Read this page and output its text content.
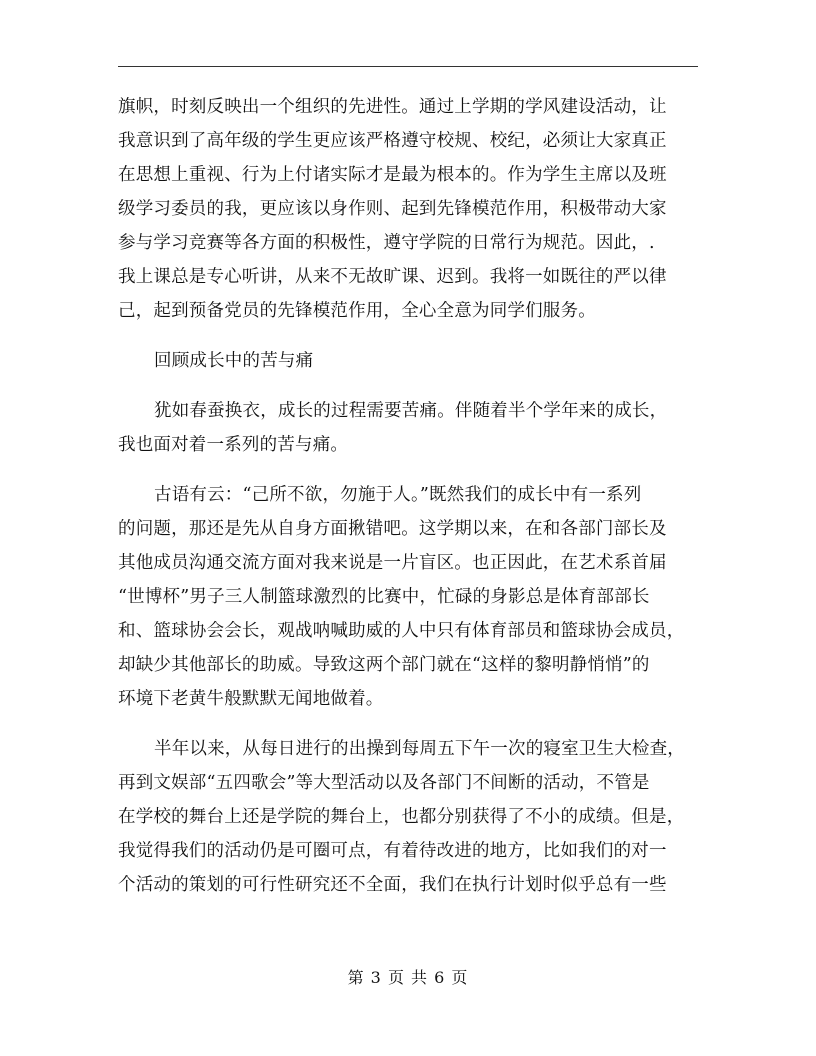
旗帜，时刻反映出一个组织的先进性。通过上学期的学风建设活动，让
我意识到了高年级的学生更应该严格遵守校规、校纪，必须让大家真正
在思想上重视、行为上付诸实际才是最为根本的。作为学生主席以及班
级学习委员的我，更应该以身作则、起到先锋模范作用，积极带动大家
参与学习竞赛等各方面的积极性，遵守学院的日常行为规范。因此，.
我上课总是专心听讲，从来不无故旷课、迟到。我将一如既往的严以律
己，起到预备党员的先锋模范作用，全心全意为同学们服务。
回顾成长中的苦与痛
犹如春蚕换衣，成长的过程需要苦痛。伴随着半个学年来的成长，
我也面对着一系列的苦与痛。
古语有云：“己所不欲，勿施于人。”既然我们的成长中有一系列
的问题，那还是先从自身方面揪错吧。这学期以来，在和各部门部长及
其他成员沟通交流方面对我来说是一片盲区。也正因此，在艺术系首届
“世博杯”男子三人制篮球激烈的比赛中，忙碌的身影总是体育部部长
和、篮球协会会长，观战呐喊助威的人中只有体育部员和篮球协会成员，
却缺少其他部长的助威。导致这两个部门就在“这样的黎明静悄悄”的
环境下老黄牛般默默无闻地做着。
半年以来，从每日进行的出操到每周五下午一次的寝室卫生大检查，
再到文娱部“五四歌会”等大型活动以及各部门不间断的活动，不管是
在学校的舞台上还是学院的舞台上，也都分别获得了不小的成绩。但是，
我觉得我们的活动仍是可圈可点，有着待改进的地方，比如我们的对一
个活动的策划的可行性研究还不全面，我们在执行计划时似乎总有一些
第 3 页 共 6 页
